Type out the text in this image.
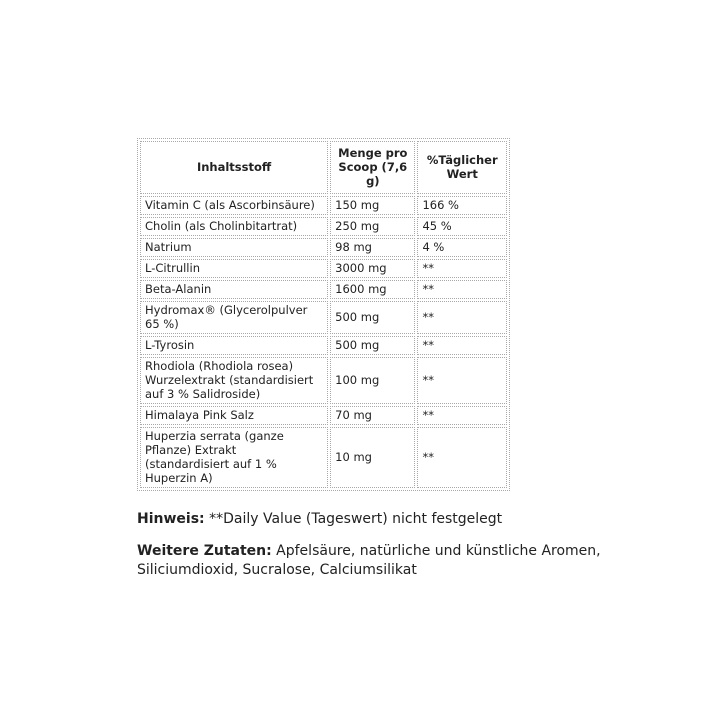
Inhaltsstoff	Menge pro Scoop (7,6 g)	%Täglicher Wert
Vitamin C (als Ascorbinsäure)	150 mg	166 %
Cholin (als Cholinbitartrat)	250 mg	45 %
Natrium	98 mg	4 %
L-Citrullin	3000 mg	**
Beta-Alanin	1600 mg	**
Hydromax® (Glycerolpulver 65 %)	500 mg	**
L-Tyrosin	500 mg	**
Rhodiola (Rhodiola rosea) Wurzelextrakt (standardisiert auf 3 % Salidroside)	100 mg	**
Himalaya Pink Salz	70 mg	**
Huperzia serrata (ganze Pflanze) Extrakt (standardisiert auf 1 % Huperzin A)	10 mg	**
Hinweis: **Daily Value (Tageswert) nicht festgelegt
Weitere Zutaten: Apfelsäure, natürliche und künstliche Aromen, Siliciumdioxid, Sucralose, Calciumsilikat
